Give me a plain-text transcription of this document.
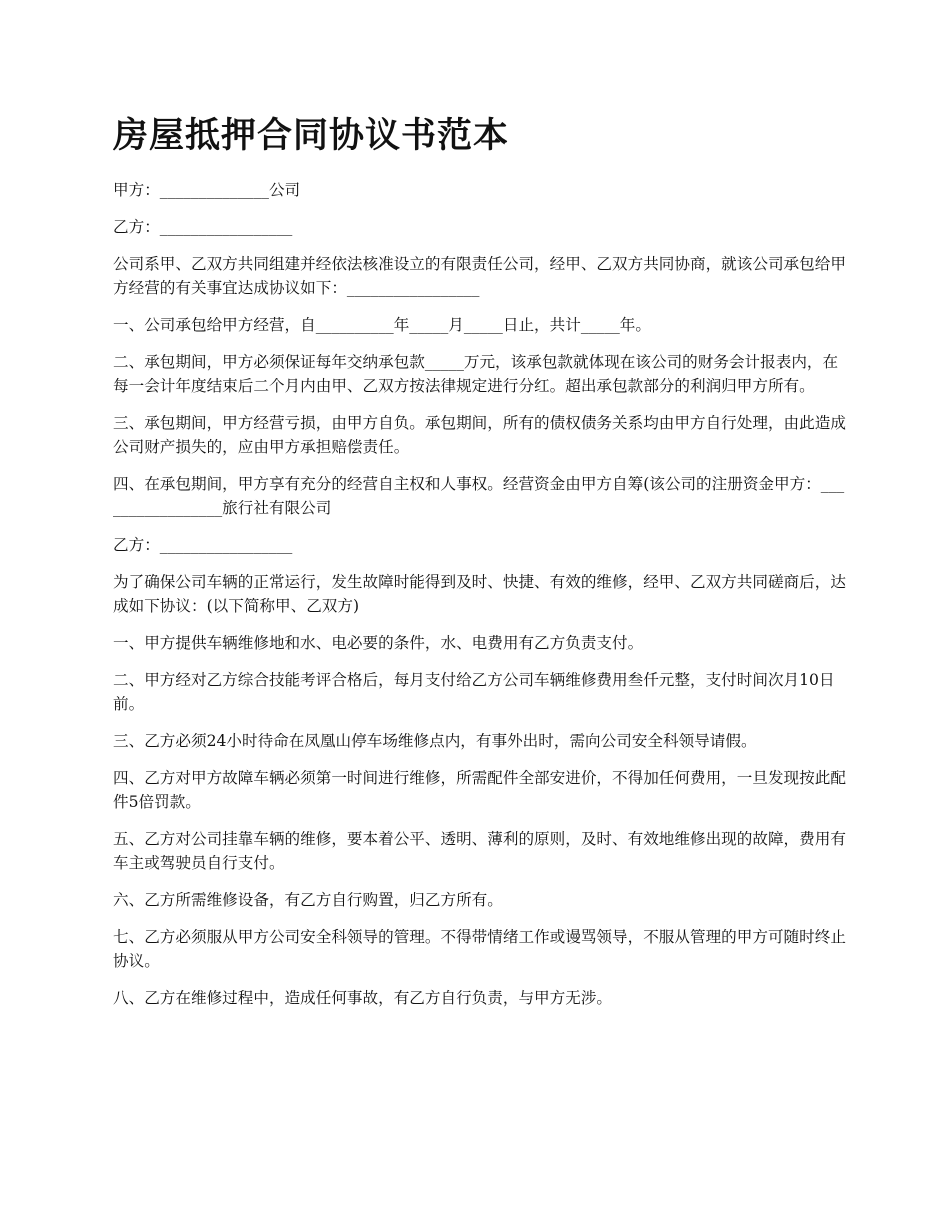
房屋抵押合同协议书范本

甲方：______________公司

乙方：_________________

公司系甲、乙双方共同组建并经依法核准设立的有限责任公司，经甲、乙双方共同协商，就该公司承包给甲方经营的有关事宜达成协议如下：_________________

一、公司承包给甲方经营，自__________年_____月_____日止，共计_____年。

二、承包期间，甲方必须保证每年交纳承包款_____万元，该承包款就体现在该公司的财务会计报表内，在每一会计年度结束后二个月内由甲、乙双方按法律规定进行分红。超出承包款部分的利润归甲方所有。

三、承包期间，甲方经营亏损，由甲方自负。承包期间，所有的债权债务关系均由甲方自行处理，由此造成公司财产损失的，应由甲方承担赔偿责任。

四、在承包期间，甲方享有充分的经营自主权和人事权。经营资金由甲方自筹(该公司的注册资金甲方：_________________旅行社有限公司

乙方：_________________

为了确保公司车辆的正常运行，发生故障时能得到及时、快捷、有效的维修，经甲、乙双方共同磋商后，达成如下协议：(以下简称甲、乙双方)

一、甲方提供车辆维修地和水、电必要的条件，水、电费用有乙方负责支付。

二、甲方经对乙方综合技能考评合格后，每月支付给乙方公司车辆维修费用叁仟元整，支付时间次月10日前。

三、乙方必须24小时待命在凤凰山停车场维修点内，有事外出时，需向公司安全科领导请假。

四、乙方对甲方故障车辆必须第一时间进行维修，所需配件全部安进价，不得加任何费用，一旦发现按此配件5倍罚款。

五、乙方对公司挂靠车辆的维修，要本着公平、透明、薄利的原则，及时、有效地维修出现的故障，费用有车主或驾驶员自行支付。

六、乙方所需维修设备，有乙方自行购置，归乙方所有。

七、乙方必须服从甲方公司安全科领导的管理。不得带情绪工作或谩骂领导，不服从管理的甲方可随时终止协议。

八、乙方在维修过程中，造成任何事故，有乙方自行负责，与甲方无涉。
